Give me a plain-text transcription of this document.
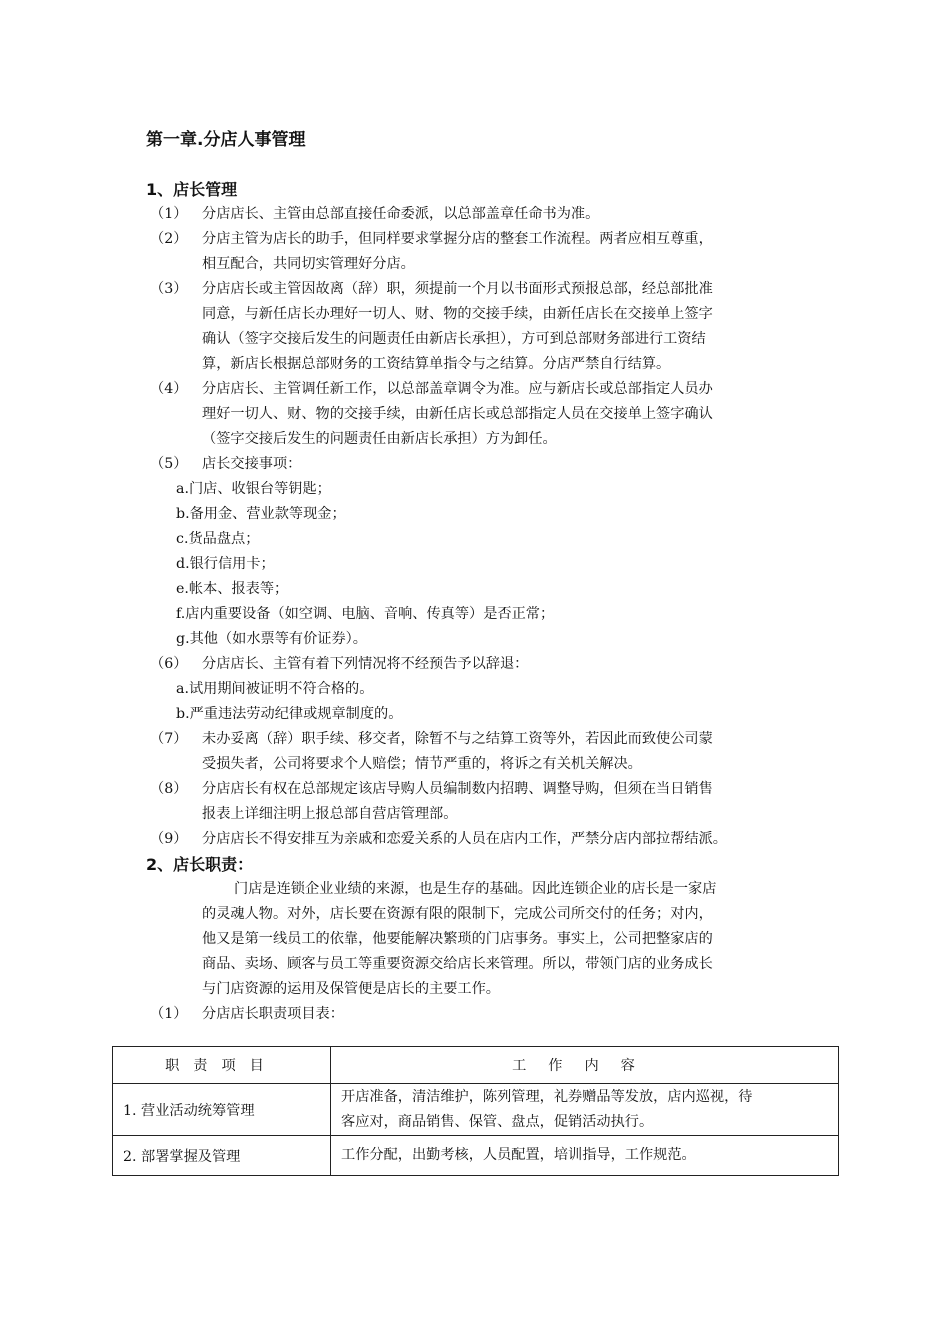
第一章.分店人事管理
1、店长管理
（1） 分店店长、主管由总部直接任命委派，以总部盖章任命书为准。
（2） 分店主管为店长的助手，但同样要求掌握分店的整套工作流程。两者应相互尊重，
相互配合，共同切实管理好分店。
（3） 分店店长或主管因故离（辞）职，须提前一个月以书面形式预报总部，经总部批准
同意，与新任店长办理好一切人、财、物的交接手续，由新任店长在交接单上签字
确认（签字交接后发生的问题责任由新店长承担），方可到总部财务部进行工资结
算，新店长根据总部财务的工资结算单指令与之结算。分店严禁自行结算。
（4） 分店店长、主管调任新工作，以总部盖章调令为准。应与新店长或总部指定人员办
理好一切人、财、物的交接手续，由新任店长或总部指定人员在交接单上签字确认
（签字交接后发生的问题责任由新店长承担）方为卸任。
（5） 店长交接事项：
a.门店、收银台等钥匙；
b.备用金、营业款等现金；
c.货品盘点；
d.银行信用卡；
e.帐本、报表等；
f.店内重要设备（如空调、电脑、音响、传真等）是否正常；
g.其他（如水票等有价证券）。
（6） 分店店长、主管有着下列情况将不经预告予以辞退：
a.试用期间被证明不符合格的。
b.严重违法劳动纪律或规章制度的。
（7） 未办妥离（辞）职手续、移交者，除暂不与之结算工资等外，若因此而致使公司蒙
受损失者，公司将要求个人赔偿；情节严重的，将诉之有关机关解决。
（8） 分店店长有权在总部规定该店导购人员编制数内招聘、调整导购，但须在当日销售
报表上详细注明上报总部自营店管理部。
（9） 分店店长不得安排互为亲戚和恋爱关系的人员在店内工作，严禁分店内部拉帮结派。
2、店长职责：
门店是连锁企业业绩的来源，也是生存的基础。因此连锁企业的店长是一家店
的灵魂人物。对外，店长要在资源有限的限制下，完成公司所交付的任务；对内，
他又是第一线员工的依靠，他要能解决繁琐的门店事务。事实上，公司把整家店的
商品、卖场、顾客与员工等重要资源交给店长来管理。所以，带领门店的业务成长
与门店资源的运用及保管便是店长的主要工作。
（1） 分店店长职责项目表：
职责项目	工作内容
1. 营业活动统筹管理	开店准备，清洁维护，陈列管理，礼券赠品等发放，店内巡视，待
客应对，商品销售、保管、盘点，促销活动执行。

2. 部署掌握及管理	工作分配，出勤考核，人员配置，培训指导，工作规范。
